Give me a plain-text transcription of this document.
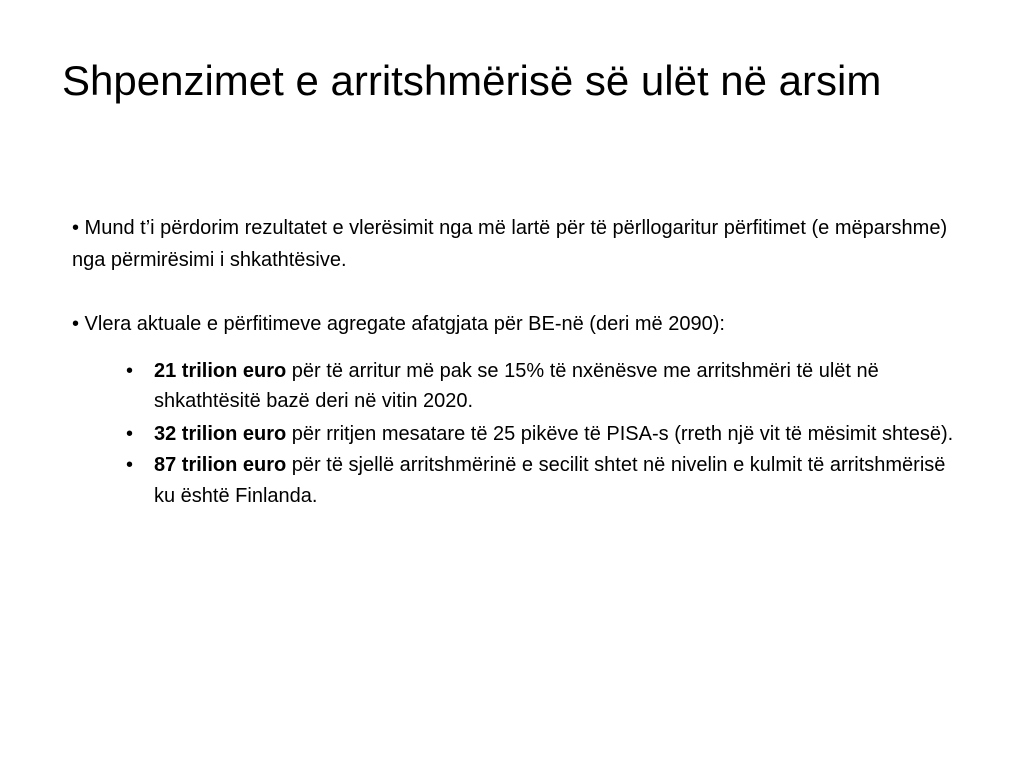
Shpenzimet e arritshmërisë së ulët në arsim

• Mund t’i përdorim rezultatet e vlerësimit nga më lartë për të përllogaritur përfitimet (e mëparshme) nga përmirësimi i shkathtësive.

• Vlera aktuale e përfitimeve agregate afatgjata për BE-në (deri më 2090):

• 21 trilion euro për të arritur më pak se 15% të nxënësve me arritshmëri të ulët në shkathtësitë bazë deri në vitin 2020.
• 32 trilion euro për rritjen mesatare të 25 pikëve të PISA-s (rreth një vit të mësimit shtesë).
• 87 trilion euro për të sjellë arritshmërinë e secilit shtet në nivelin e kulmit të arritshmërisë ku është Finlanda.
